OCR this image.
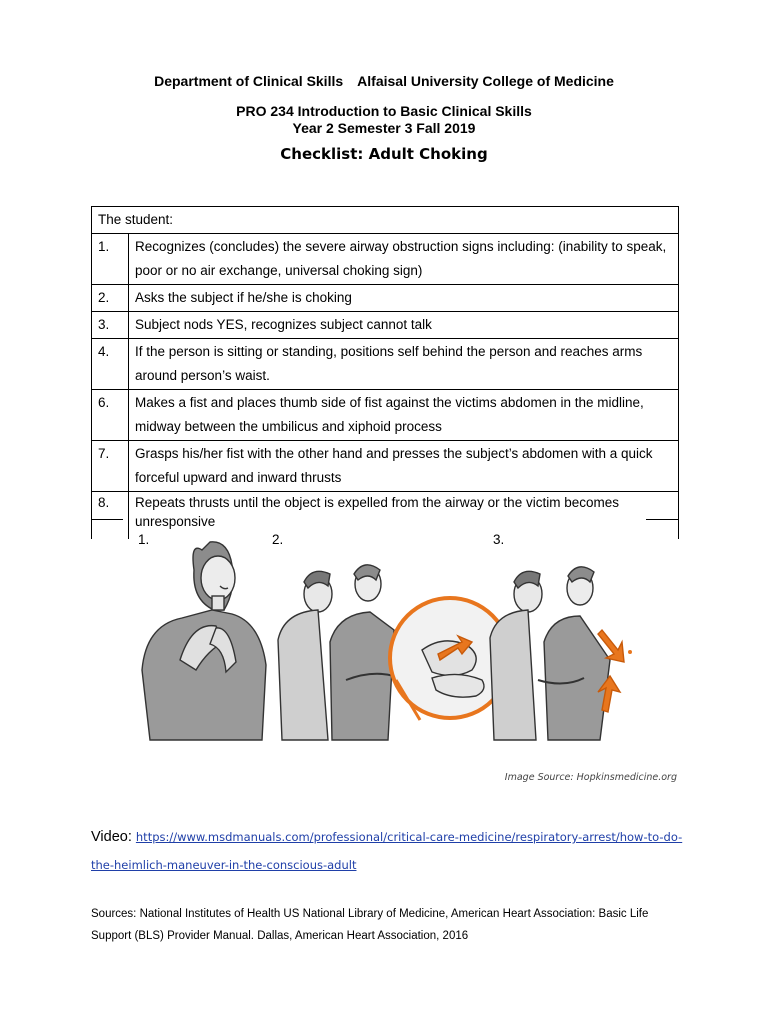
Department of Clinical Skills Alfaisal University College of Medicine
PRO 234 Introduction to Basic Clinical Skills
Year 2 Semester 3 Fall 2019
Checklist: Adult Choking
The student:	
1.	Recognizes (concludes) the severe airway obstruction signs including: (inability to speak, poor or no air exchange, universal choking sign)
2.	Asks the subject if he/she is choking
3.	Subject nods YES, recognizes subject cannot talk
4.	If the person is sitting or standing, positions self behind the person and reaches arms around person’s waist.
6.	Makes a fist and places thumb side of fist against the victims abdomen in the midline, midway between the umbilicus and xiphoid process
7.	Grasps his/her fist with the other hand and presses the subject’s abdomen with a quick forceful upward and inward thrusts
8.	Repeats thrusts until the object is expelled from the airway or the victim becomes unresponsive
1.	2.	3.
Image Source: Hopkinsmedicine.org
Video: https://www.msdmanuals.com/professional/critical-care-medicine/respiratory-arrest/how-to-do-the-heimlich-maneuver-in-the-conscious-adult
Sources: National Institutes of Health US National Library of Medicine, American Heart Association: Basic Life Support (BLS) Provider Manual. Dallas, American Heart Association, 2016
